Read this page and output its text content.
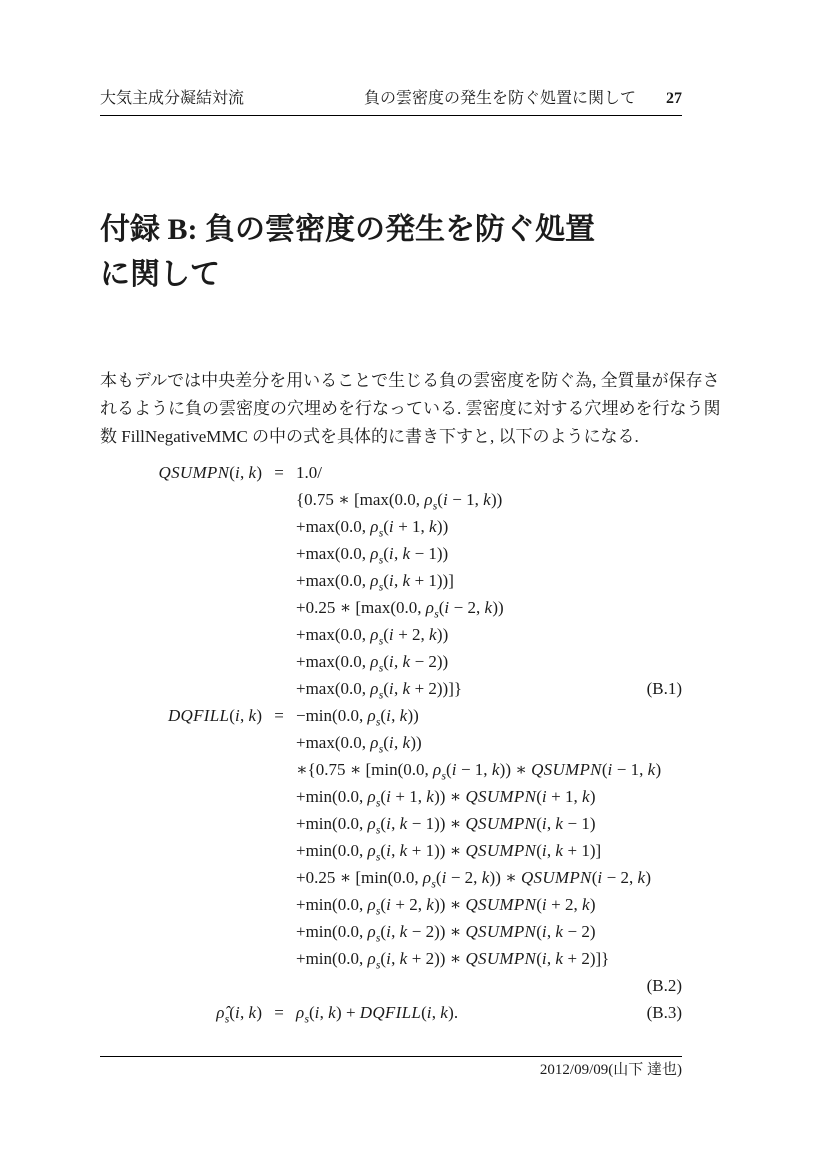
大気主成分凝結対流	負の雲密度の発生を防ぐ処置に関して 27
付録 B: 負の雲密度の発生を防ぐ処置
に関して
本もデルでは中央差分を用いることで生じる負の雲密度を防ぐ為, 全質量が保存さ
れるように負の雲密度の穴埋めを行なっている. 雲密度に対する穴埋めを行なう関
数 FillNegativeMMC の中の式を具体的に書き下すと, 以下のようになる.
QSUMPN(i, k) = 1.0/
{0.75 ∗ [max(0.0, $\rho_s(i - 1$, k))
+max(0.0, $\rho_s(i + 1$, k))
+max(0.0, $\rho_s(i$, k − 1))
+max(0.0, $\rho_s(i$, k + 1))]
+0.25 ∗ [max(0.0, $\rho_s(i - 2$, k))
+max(0.0, $\rho_s(i + 2$, k))
+max(0.0, $\rho_s(i$, k − 2))
+max(0.0, $\rho_s(i$, k + 2))]}	(B.1)
DQFILL(i, k) = −min(0.0, $\rho_s(i$, k))
+max(0.0, $\rho_s(i$, k))
∗{0.75 ∗ [min(0.0, $\rho_s(i - 1$, k)) ∗ QSUMPN(i − 1, k)
+min(0.0, $\rho_s(i + 1$, k)) ∗ QSUMPN(i + 1, k)
+min(0.0, $\rho_s(i$, k − 1)) ∗ QSUMPN(i, k − 1)
+min(0.0, $\rho_s(i$, k + 1)) ∗ QSUMPN(i, k + 1)]
+0.25 ∗ [min(0.0, $\rho_s(i - 2$, k)) ∗ QSUMPN(i − 2, k)
+min(0.0, $\rho_s(i + 2$, k)) ∗ QSUMPN(i + 2, k)
+min(0.0, $\rho_s(i$, k − 2)) ∗ QSUMPN(i, k − 2)
+min(0.0, $\rho_s(i$, k + 2)) ∗ QSUMPN(i, k + 2)]}
(B.2)
$\rhô_s(i$, $k) = \rho_s(i$, k) + DQFILL(i, k).	(B.3)
2012/09/09(山下 達也)
